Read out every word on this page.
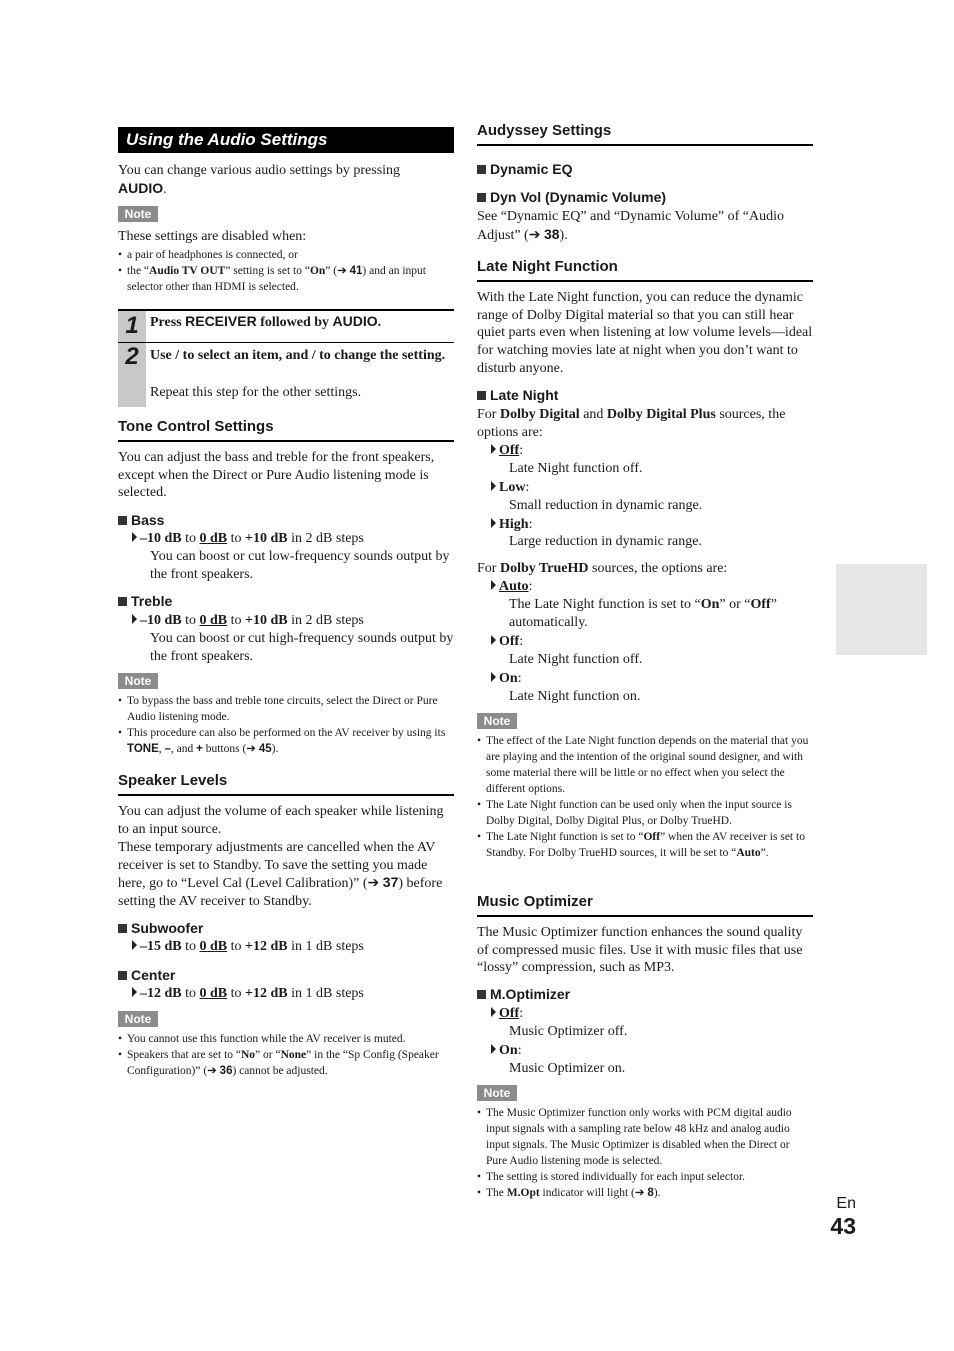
Using the Audio Settings
You can change various audio settings by pressing
AUDIO.
Note
These settings are disabled when:
• a pair of headphones is connected, or
• the “Audio TV OUT” setting is set to “On” (➔ 41) and an input selector other than HDMI is selected.
1 Press RECEIVER followed by AUDIO.
2 Use / to select an item, and / to change the setting.
Repeat this step for the other settings.
Tone Control Settings
You can adjust the bass and treble for the front speakers, except when the Direct or Pure Audio listening mode is selected.
Bass
–10 dB to 0 dB to +10 dB in 2 dB steps
You can boost or cut low-frequency sounds output by the front speakers.
Treble
–10 dB to 0 dB to +10 dB in 2 dB steps
You can boost or cut high-frequency sounds output by the front speakers.
Note
• To bypass the bass and treble tone circuits, select the Direct or Pure Audio listening mode.
• This procedure can also be performed on the AV receiver by using its TONE, –, and + buttons (➔ 45).
Speaker Levels
You can adjust the volume of each speaker while listening to an input source.
These temporary adjustments are cancelled when the AV receiver is set to Standby. To save the setting you made here, go to “Level Cal (Level Calibration)” (➔ 37) before setting the AV receiver to Standby.
Subwoofer
–15 dB to 0 dB to +12 dB in 1 dB steps
Center
–12 dB to 0 dB to +12 dB in 1 dB steps
Note
• You cannot use this function while the AV receiver is muted.
• Speakers that are set to “No” or “None” in the “Sp Config (Speaker Configuration)” (➔ 36) cannot be adjusted.
Audyssey Settings
Dynamic EQ
Dyn Vol (Dynamic Volume)
See “Dynamic EQ” and “Dynamic Volume” of “Audio Adjust” (➔ 38).
Late Night Function
With the Late Night function, you can reduce the dynamic range of Dolby Digital material so that you can still hear quiet parts even when listening at low volume levels—ideal for watching movies late at night when you don’t want to disturb anyone.
Late Night
For Dolby Digital and Dolby Digital Plus sources, the options are:
Off:
Late Night function off.
Low:
Small reduction in dynamic range.
High:
Large reduction in dynamic range.
For Dolby TrueHD sources, the options are:
Auto:
The Late Night function is set to “On” or “Off” automatically.
Off:
Late Night function off.
On:
Late Night function on.
Note
• The effect of the Late Night function depends on the material that you are playing and the intention of the original sound designer, and with some material there will be little or no effect when you select the different options.
• The Late Night function can be used only when the input source is Dolby Digital, Dolby Digital Plus, or Dolby TrueHD.
• The Late Night function is set to “Off” when the AV receiver is set to Standby. For Dolby TrueHD sources, it will be set to “Auto”.
Music Optimizer
The Music Optimizer function enhances the sound quality of compressed music files. Use it with music files that use “lossy” compression, such as MP3.
M.Optimizer
Off:
Music Optimizer off.
On:
Music Optimizer on.
Note
• The Music Optimizer function only works with PCM digital audio input signals with a sampling rate below 48 kHz and analog audio input signals. The Music Optimizer is disabled when the Direct or Pure Audio listening mode is selected.
• The setting is stored individually for each input selector.
• The M.Opt indicator will light (➔ 8).
En
43
